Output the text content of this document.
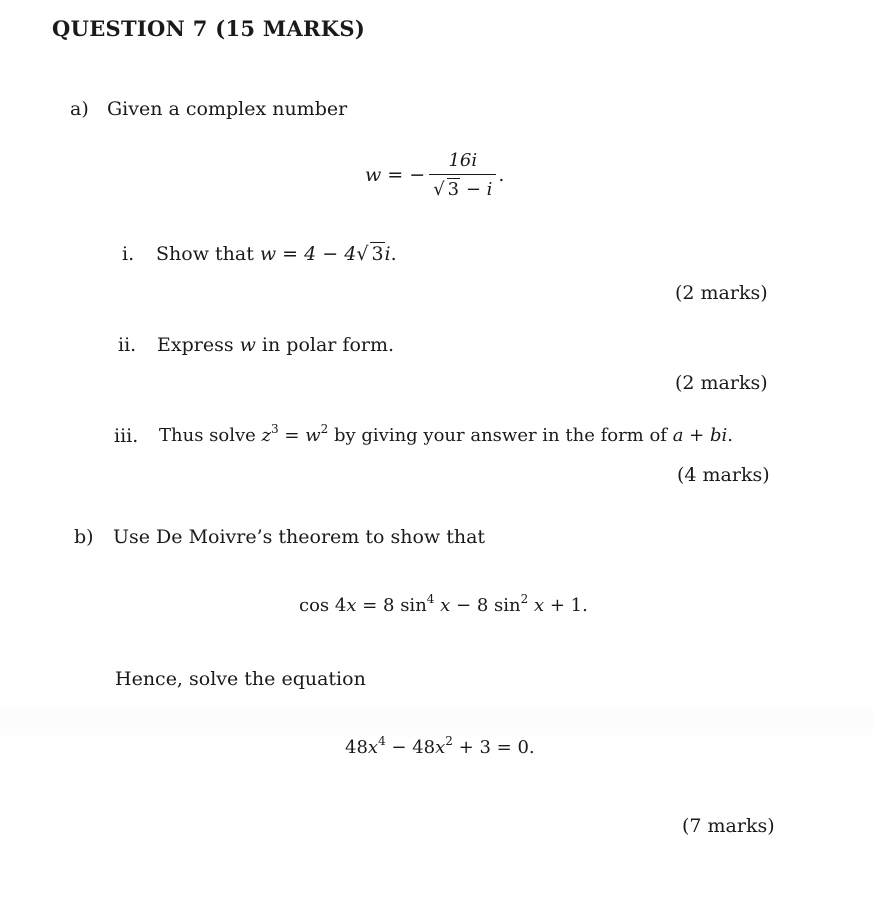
QUESTION 7 (15 MARKS)
a) Given a complex number
w = − $\frac{16i}{√ 3 - i}$ .
i. Show that w = 4 − 4√ 3i.
(2 marks)
ii. Express w in polar form.
(2 marks)
iii. Thus solve $z^3 = w^2$ by giving your answer in the form of a + bi.
(4 marks)
b) Use De Moivre’s theorem to show that
cos 4x = 8 $\sin^4 x - 8$ $\sin^2 x + 1$.
Hence, solve the equation
$48x^4 - 48x^2 + 3 = 0$.
(7 marks)
